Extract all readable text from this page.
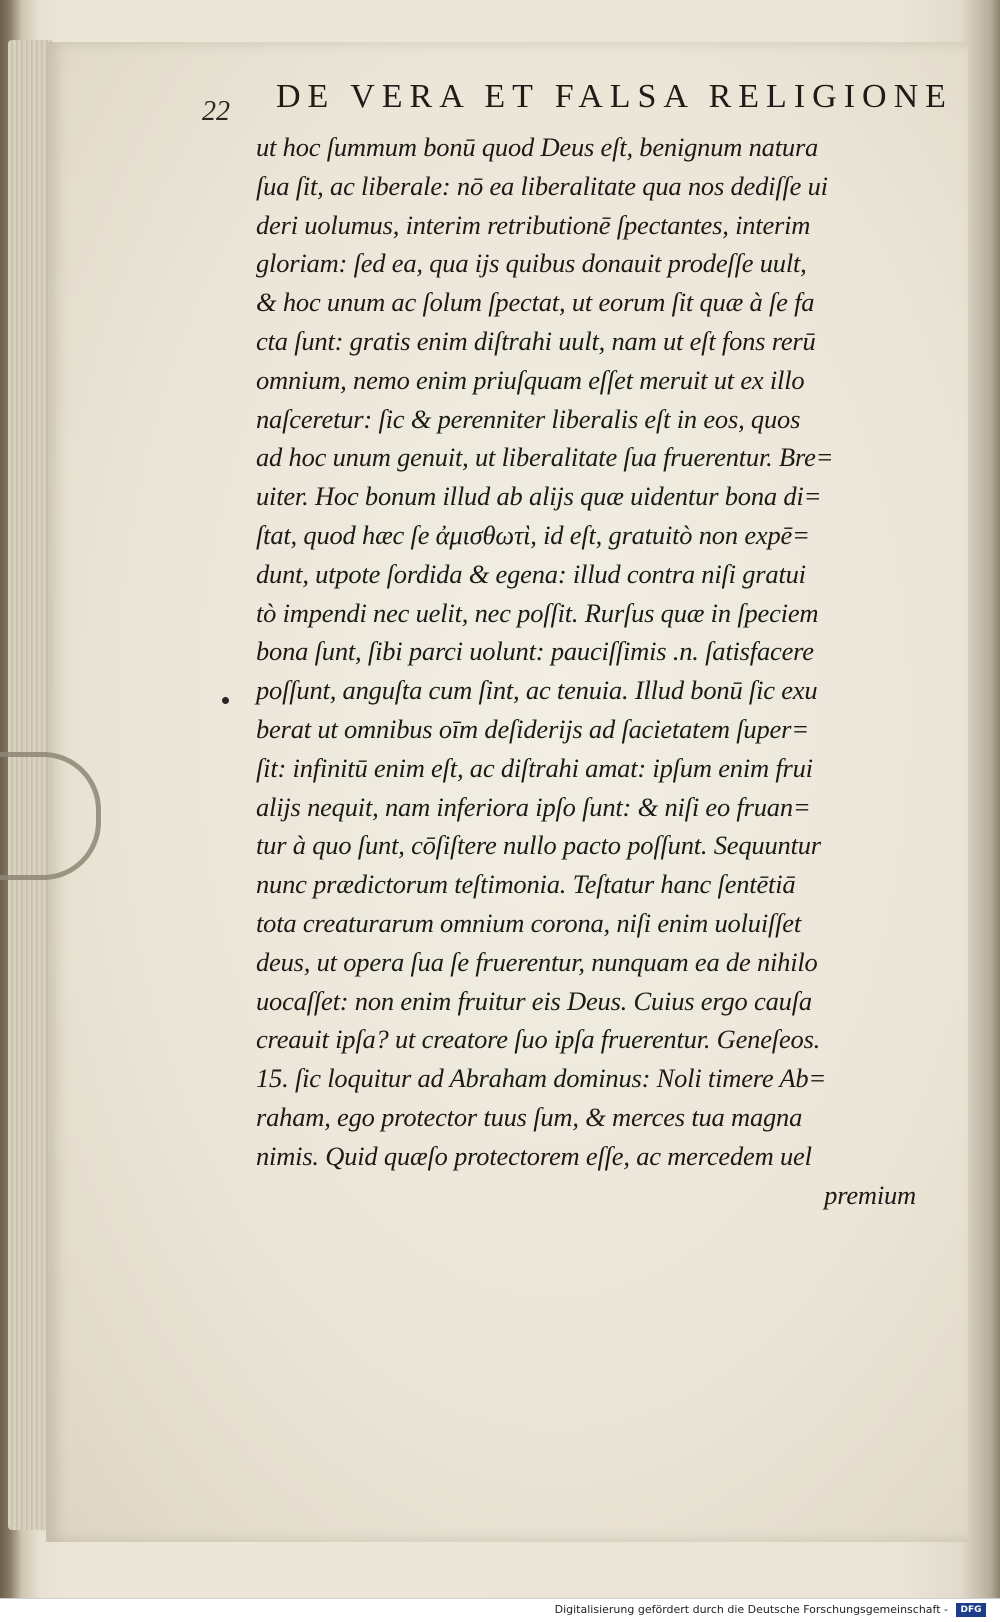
22 DE VERA ET FALSA RELIGIONE
ut hoc ſummum bonū quod Deus eſt, benignum natura
ſua ſit, ac liberale: nō ea liberalitate qua nos dediſſe ui
deri uolumus, interim retributionē ſpectantes, interim
gloriam: ſed ea, qua ijs quibus donauit prodeſſe uult,
& hoc unum ac ſolum ſpectat, ut eorum ſit quæ à ſe fa
cta ſunt: gratis enim diſtrahi uult, nam ut eſt fons rerū
omnium, nemo enim priuſquam eſſet meruit ut ex illo
naſceretur: ſic & perenniter liberalis eſt in eos, quos
ad hoc unum genuit, ut liberalitate ſua fruerentur. Bre=
uiter. Hoc bonum illud ab alijs quæ uidentur bona di=
ſtat, quod hæc ſe ἀμισθωτὶ, id eſt, gratuitò non expē=
dunt, utpote ſordida & egena: illud contra niſi gratui
tò impendi nec uelit, nec poſſit. Rurſus quæ in ſpeciem
bona ſunt, ſibi parci uolunt: pauciſſimis .n. ſatisfacere
poſſunt, anguſta cum ſint, ac tenuia. Illud bonū ſic exu
berat ut omnibus oīm deſiderijs ad ſacietatem ſuper=
ſit: infinitū enim eſt, ac diſtrahi amat: ipſum enim frui
alijs nequit, nam inferiora ipſo ſunt: & niſi eo fruan=
tur à quo ſunt, cōſiſtere nullo pacto poſſunt. Sequuntur
nunc prædictorum teſtimonia. Teſtatur hanc ſentētiā
tota creaturarum omnium corona, niſi enim uoluiſſet
deus, ut opera ſua ſe fruerentur, nunquam ea de nihilo
uocaſſet: non enim fruitur eis Deus. Cuius ergo cauſa
creauit ipſa? ut creatore ſuo ipſa fruerentur. Geneſeos.
15. ſic loquitur ad Abraham dominus: Noli timere Ab=
raham, ego protector tuus ſum, & merces tua magna
nimis. Quid quæſo protectorem eſſe, ac mercedem uel
premium
Digitalisierung gefördert durch die Deutsche Forschungsgemeinschaft -	DFG
